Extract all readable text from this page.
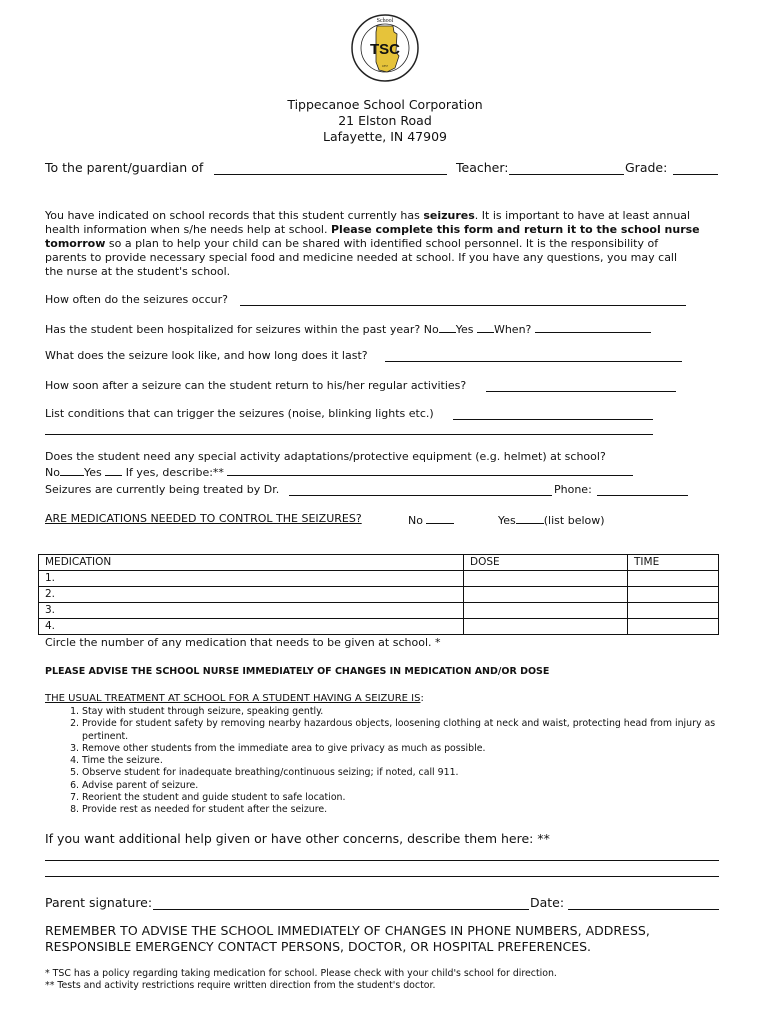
TSC
School
1857
Tippecanoe School Corporation
21 Elston Road
Lafayette, IN 47909
To the parent/guardian of	Teacher:	Grade:
You have indicated on school records that this student currently has seizures. It is important to have at least annual
health information when s/he needs help at school. Please complete this form and return it to the school nurse
tomorrow so a plan to help your child can be shared with identified school personnel. It is the responsibility of
parents to provide necessary special food and medicine needed at school. If you have any questions, you may call
the nurse at the student's school.
How often do the seizures occur?
Has the student been hospitalized for seizures within the past year? No Yes When?
What does the seizure look like, and how long does it last?
How soon after a seizure can the student return to his/her regular activities?
List conditions that can trigger the seizures (noise, blinking lights etc.)
Does the student need any special activity adaptations/protective equipment (e.g. helmet) at school?
No Yes If yes, describe:**
Seizures are currently being treated by Dr.	Phone:
ARE MEDICATIONS NEEDED TO CONTROL THE SEIZURES?	No	Yes	(list below)
MEDICATION	DOSE	TIME
1.		
2.		
3.		
4.		
Circle the number of any medication that needs to be given at school. *
PLEASE ADVISE THE SCHOOL NURSE IMMEDIATELY OF CHANGES IN MEDICATION AND/OR DOSE
THE USUAL TREATMENT AT SCHOOL FOR A STUDENT HAVING A SEIZURE IS:
1. Stay with student through seizure, speaking gently.
2. Provide for student safety by removing nearby hazardous objects, loosening clothing at neck and waist, protecting head from injury as pertinent.
3. Remove other students from the immediate area to give privacy as much as possible.
4. Time the seizure.
5. Observe student for inadequate breathing/continuous seizing; if noted, call 911.
6. Advise parent of seizure.
7. Reorient the student and guide student to safe location.
8. Provide rest as needed for student after the seizure.
If you want additional help given or have other concerns, describe them here: **
Parent signature:	Date:
REMEMBER TO ADVISE THE SCHOOL IMMEDIATELY OF CHANGES IN PHONE NUMBERS, ADDRESS,
RESPONSIBLE EMERGENCY CONTACT PERSONS, DOCTOR, OR HOSPITAL PREFERENCES.
* TSC has a policy regarding taking medication for school. Please check with your child's school for direction.
** Tests and activity restrictions require written direction from the student's doctor.
